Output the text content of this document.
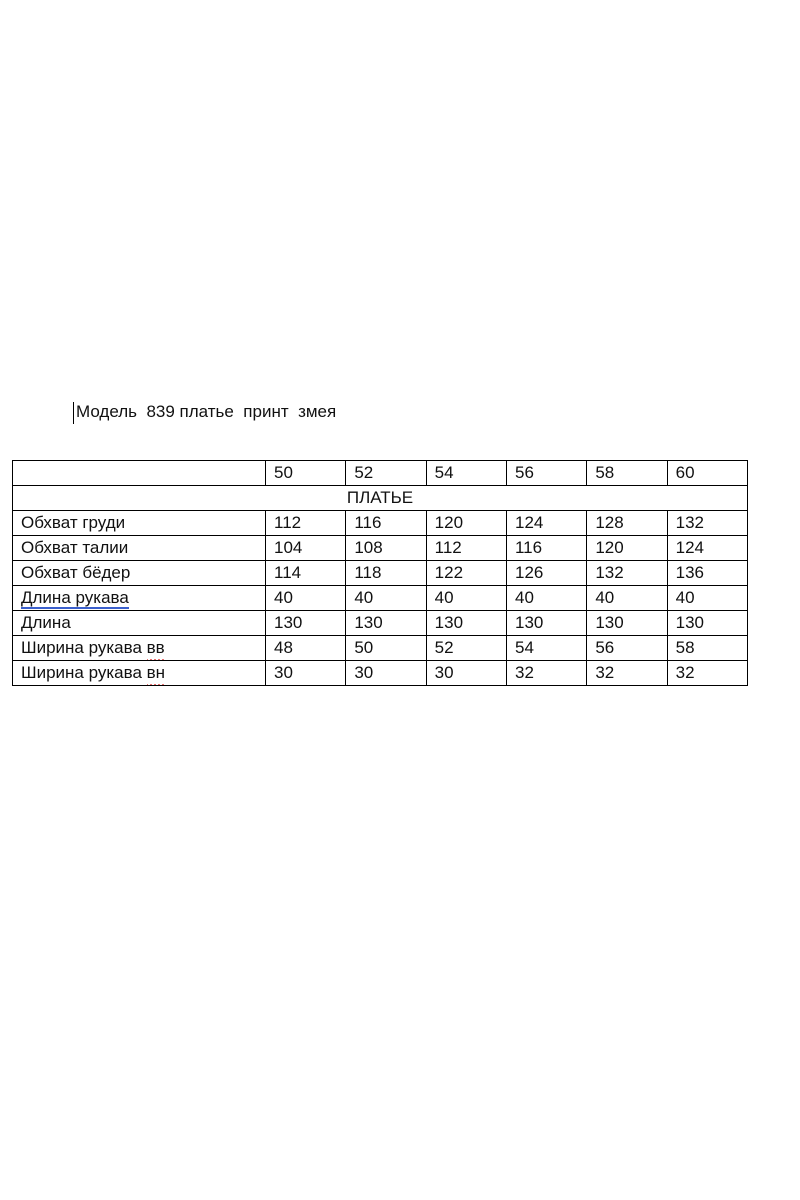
Модель  839 платье  принт  змея
	50	52	54	56	58	60
ПЛАТЬЕ						
Обхват груди	112	116	120	124	128	132
Обхват талии	104	108	112	116	120	124
Обхват бёдер	114	118	122	126	132	136
Длина рукава	40	40	40	40	40	40
Длина	130	130	130	130	130	130
Ширина рукава вв	48	50	52	54	56	58
Ширина рукава вн	30	30	30	32	32	32
